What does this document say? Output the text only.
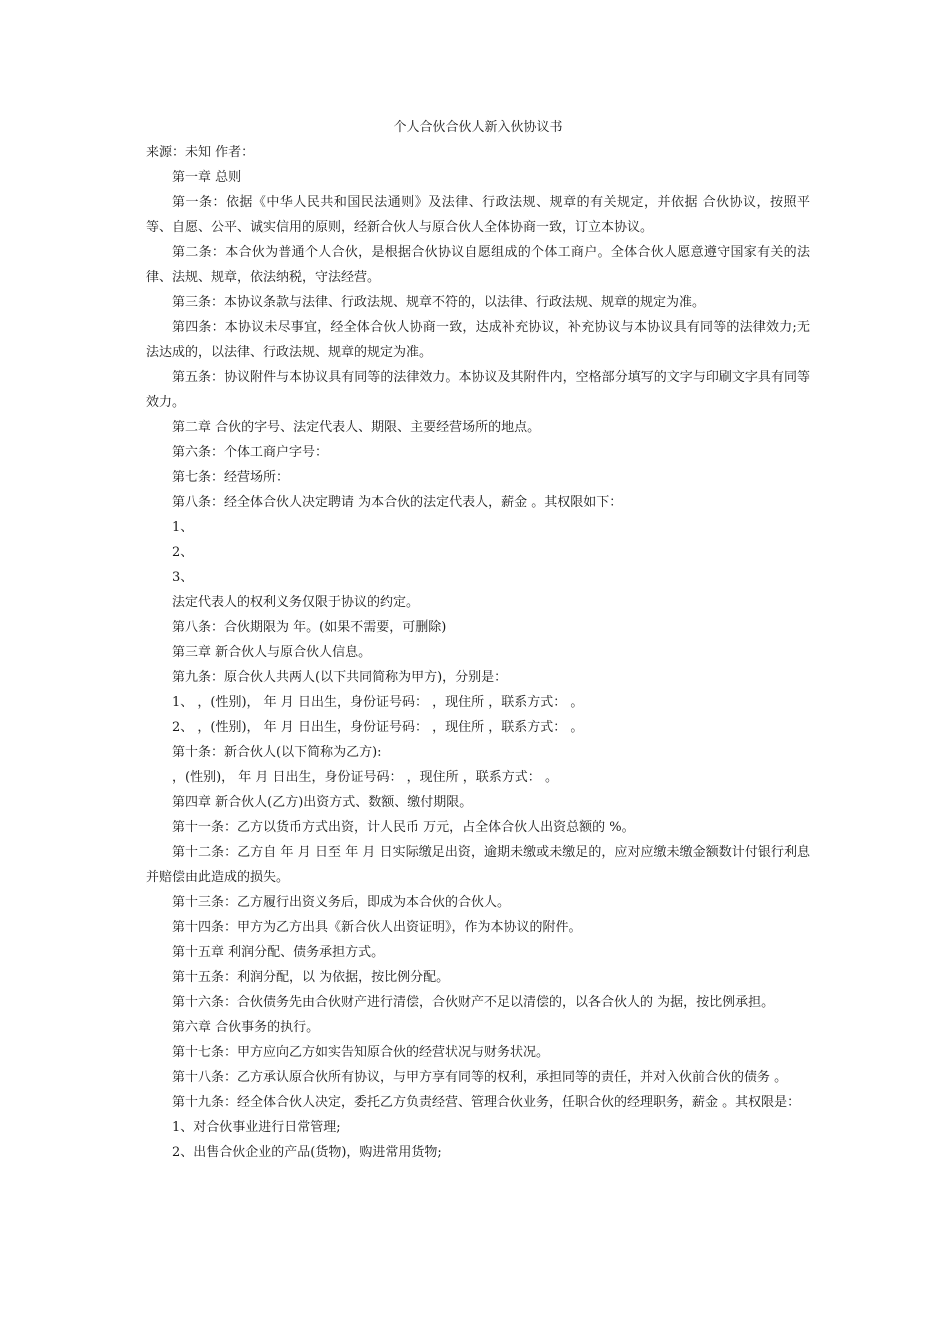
个人合伙合伙人新入伙协议书

来源：未知 作者：

第一章 总则

第一条：依据《中华人民共和国民法通则》及法律、行政法规、规章的有关规定，并依据 合伙协议，按照平等、自愿、公平、诚实信用的原则，经新合伙人与原合伙人全体协商一致，订立本协议。

第二条：本合伙为普通个人合伙，是根据合伙协议自愿组成的个体工商户。全体合伙人愿意遵守国家有关的法律、法规、规章，依法纳税，守法经营。

第三条：本协议条款与法律、行政法规、规章不符的，以法律、行政法规、规章的规定为准。

第四条：本协议未尽事宜，经全体合伙人协商一致，达成补充协议，补充协议与本协议具有同等的法律效力;无法达成的，以法律、行政法规、规章的规定为准。

第五条：协议附件与本协议具有同等的法律效力。本协议及其附件内，空格部分填写的文字与印刷文字具有同等效力。

第二章 合伙的字号、法定代表人、期限、主要经营场所的地点。

第六条：个体工商户字号：

第七条：经营场所：

第八条：经全体合伙人决定聘请 为本合伙的法定代表人，薪金 。其权限如下：

1、

2、

3、

法定代表人的权利义务仅限于协议的约定。

第八条：合伙期限为 年。(如果不需要，可删除)

第三章 新合伙人与原合伙人信息。

第九条：原合伙人共两人(以下共同简称为甲方)，分别是：

1、 ，(性别)， 年 月 日出生，身份证号码： ，现住所 ，联系方式： 。

2、 ，(性别)， 年 月 日出生，身份证号码： ，现住所 ，联系方式： 。

第十条：新合伙人(以下简称为乙方):

，(性别)， 年 月 日出生，身份证号码： ，现住所 ，联系方式： 。

第四章 新合伙人(乙方)出资方式、数额、缴付期限。

第十一条：乙方以货币方式出资，计人民币 万元，占全体合伙人出资总额的 %。

第十二条：乙方自 年 月 日至 年 月 日实际缴足出资，逾期未缴或未缴足的，应对应缴未缴金额数计付银行利息并赔偿由此造成的损失。

第十三条：乙方履行出资义务后，即成为本合伙的合伙人。

第十四条：甲方为乙方出具《新合伙人出资证明》，作为本协议的附件。

第十五章 利润分配、债务承担方式。

第十五条：利润分配，以 为依据，按比例分配。

第十六条：合伙债务先由合伙财产进行清偿，合伙财产不足以清偿的，以各合伙人的 为据，按比例承担。

第六章 合伙事务的执行。

第十七条：甲方应向乙方如实告知原合伙的经营状况与财务状况。

第十八条：乙方承认原合伙所有协议，与甲方享有同等的权利，承担同等的责任，并对入伙前合伙的债务 。

第十九条：经全体合伙人决定，委托乙方负责经营、管理合伙业务，任职合伙的经理职务，薪金 。其权限是：

1、对合伙事业进行日常管理;

2、出售合伙企业的产品(货物)，购进常用货物;
